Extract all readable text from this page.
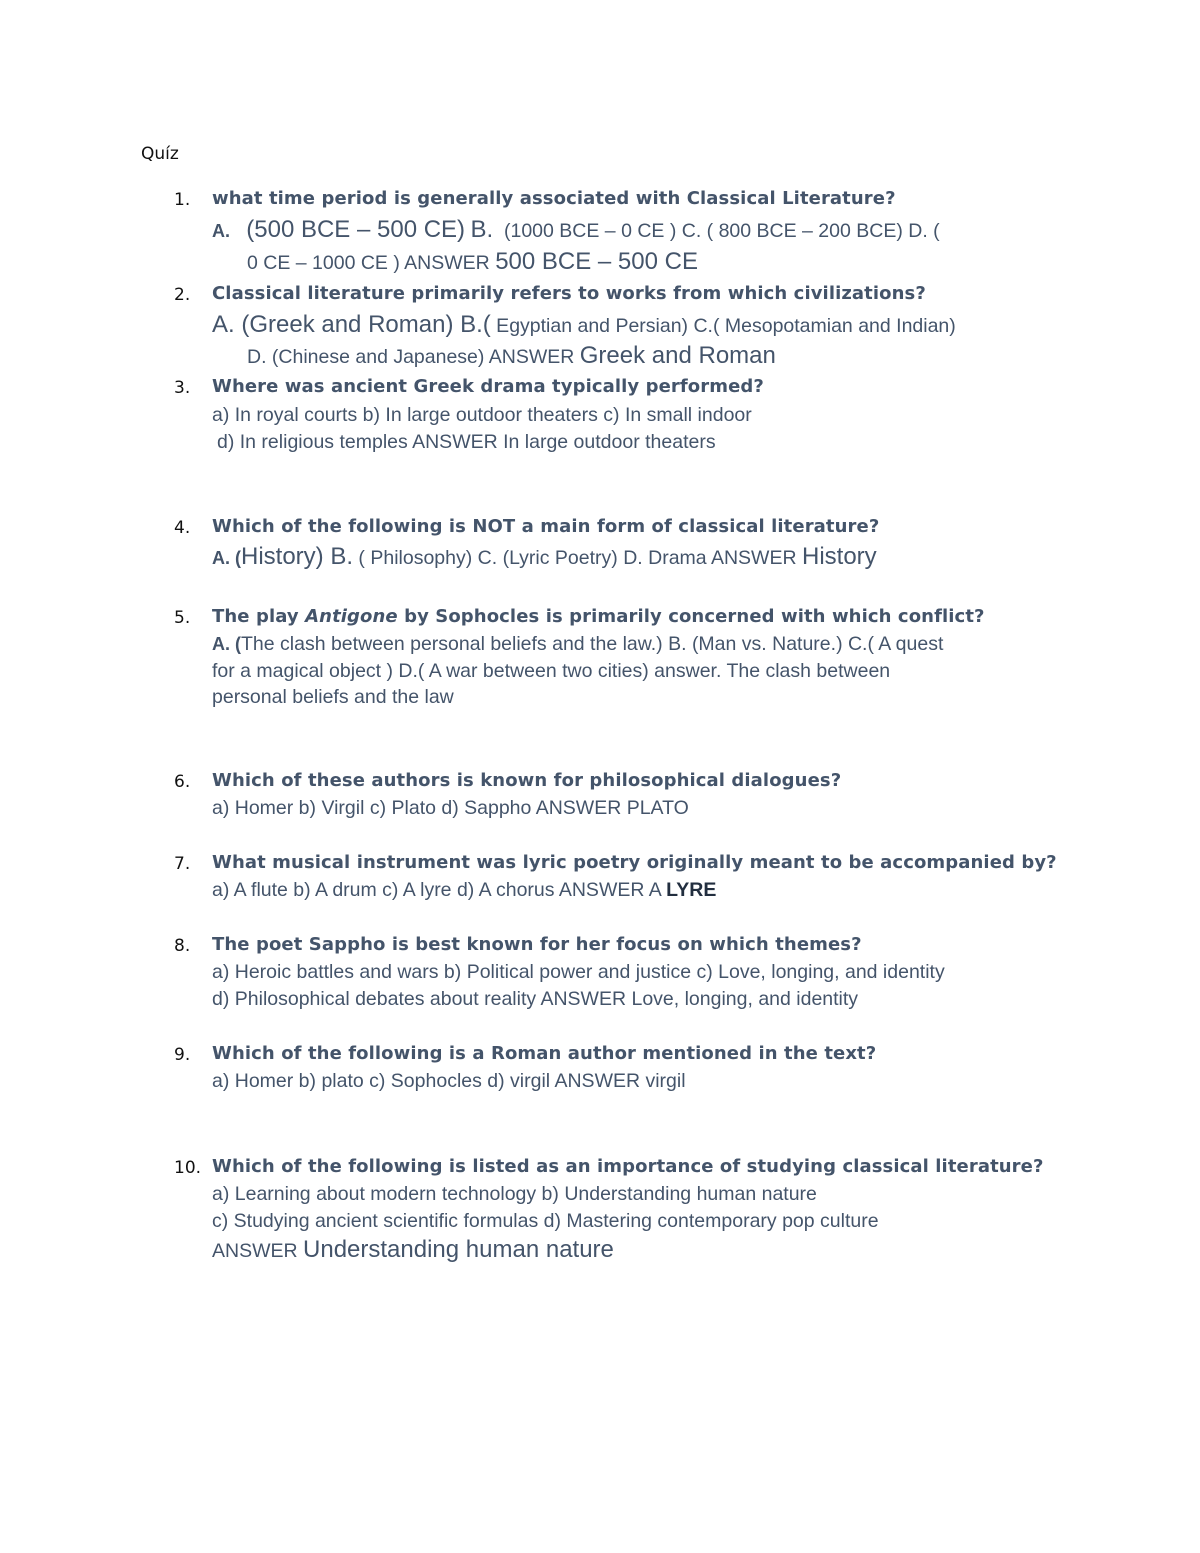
Quíz
1.	what time period is generally associated with Classical Literature?
A. (500 BCE – 500 CE) B. (1000 BCE – 0 CE ) C. ( 800 BCE – 200 BCE) D. (
0 CE – 1000 CE ) ANSWER 500 BCE – 500 CE
2.	Classical literature primarily refers to works from which civilizations?
A. (Greek and Roman) B.( Egyptian and Persian) C.( Mesopotamian and Indian)
D. (Chinese and Japanese) ANSWER Greek and Roman
3.	Where was ancient Greek drama typically performed?
a) In royal courts b) In large outdoor theaters c) In small indoor
d) In religious temples ANSWER In large outdoor theaters
4.	Which of the following is NOT a main form of classical literature?
A. (History) B. ( Philosophy) C. (Lyric Poetry) D. Drama ANSWER History
5.	The play Antigone by Sophocles is primarily concerned with which conflict?
A. (The clash between personal beliefs and the law.) B. (Man vs. Nature.) C.( A quest
for a magical object ) D.( A war between two cities) answer. The clash between
personal beliefs and the law
6.	Which of these authors is known for philosophical dialogues?
a) Homer b) Virgil c) Plato d) Sappho ANSWER PLATO
7.	What musical instrument was lyric poetry originally meant to be accompanied by?
a) A flute b) A drum c) A lyre d) A chorus ANSWER A LYRE
8.	The poet Sappho is best known for her focus on which themes?
a) Heroic battles and wars b) Political power and justice c) Love, longing, and identity
d) Philosophical debates about reality ANSWER Love, longing, and identity
9.	Which of the following is a Roman author mentioned in the text?
a) Homer b) plato c) Sophocles d) virgil ANSWER virgil
10. Which of the following is listed as an importance of studying classical literature?
a) Learning about modern technology b) Understanding human nature
c) Studying ancient scientific formulas d) Mastering contemporary pop culture
ANSWER Understanding human nature
